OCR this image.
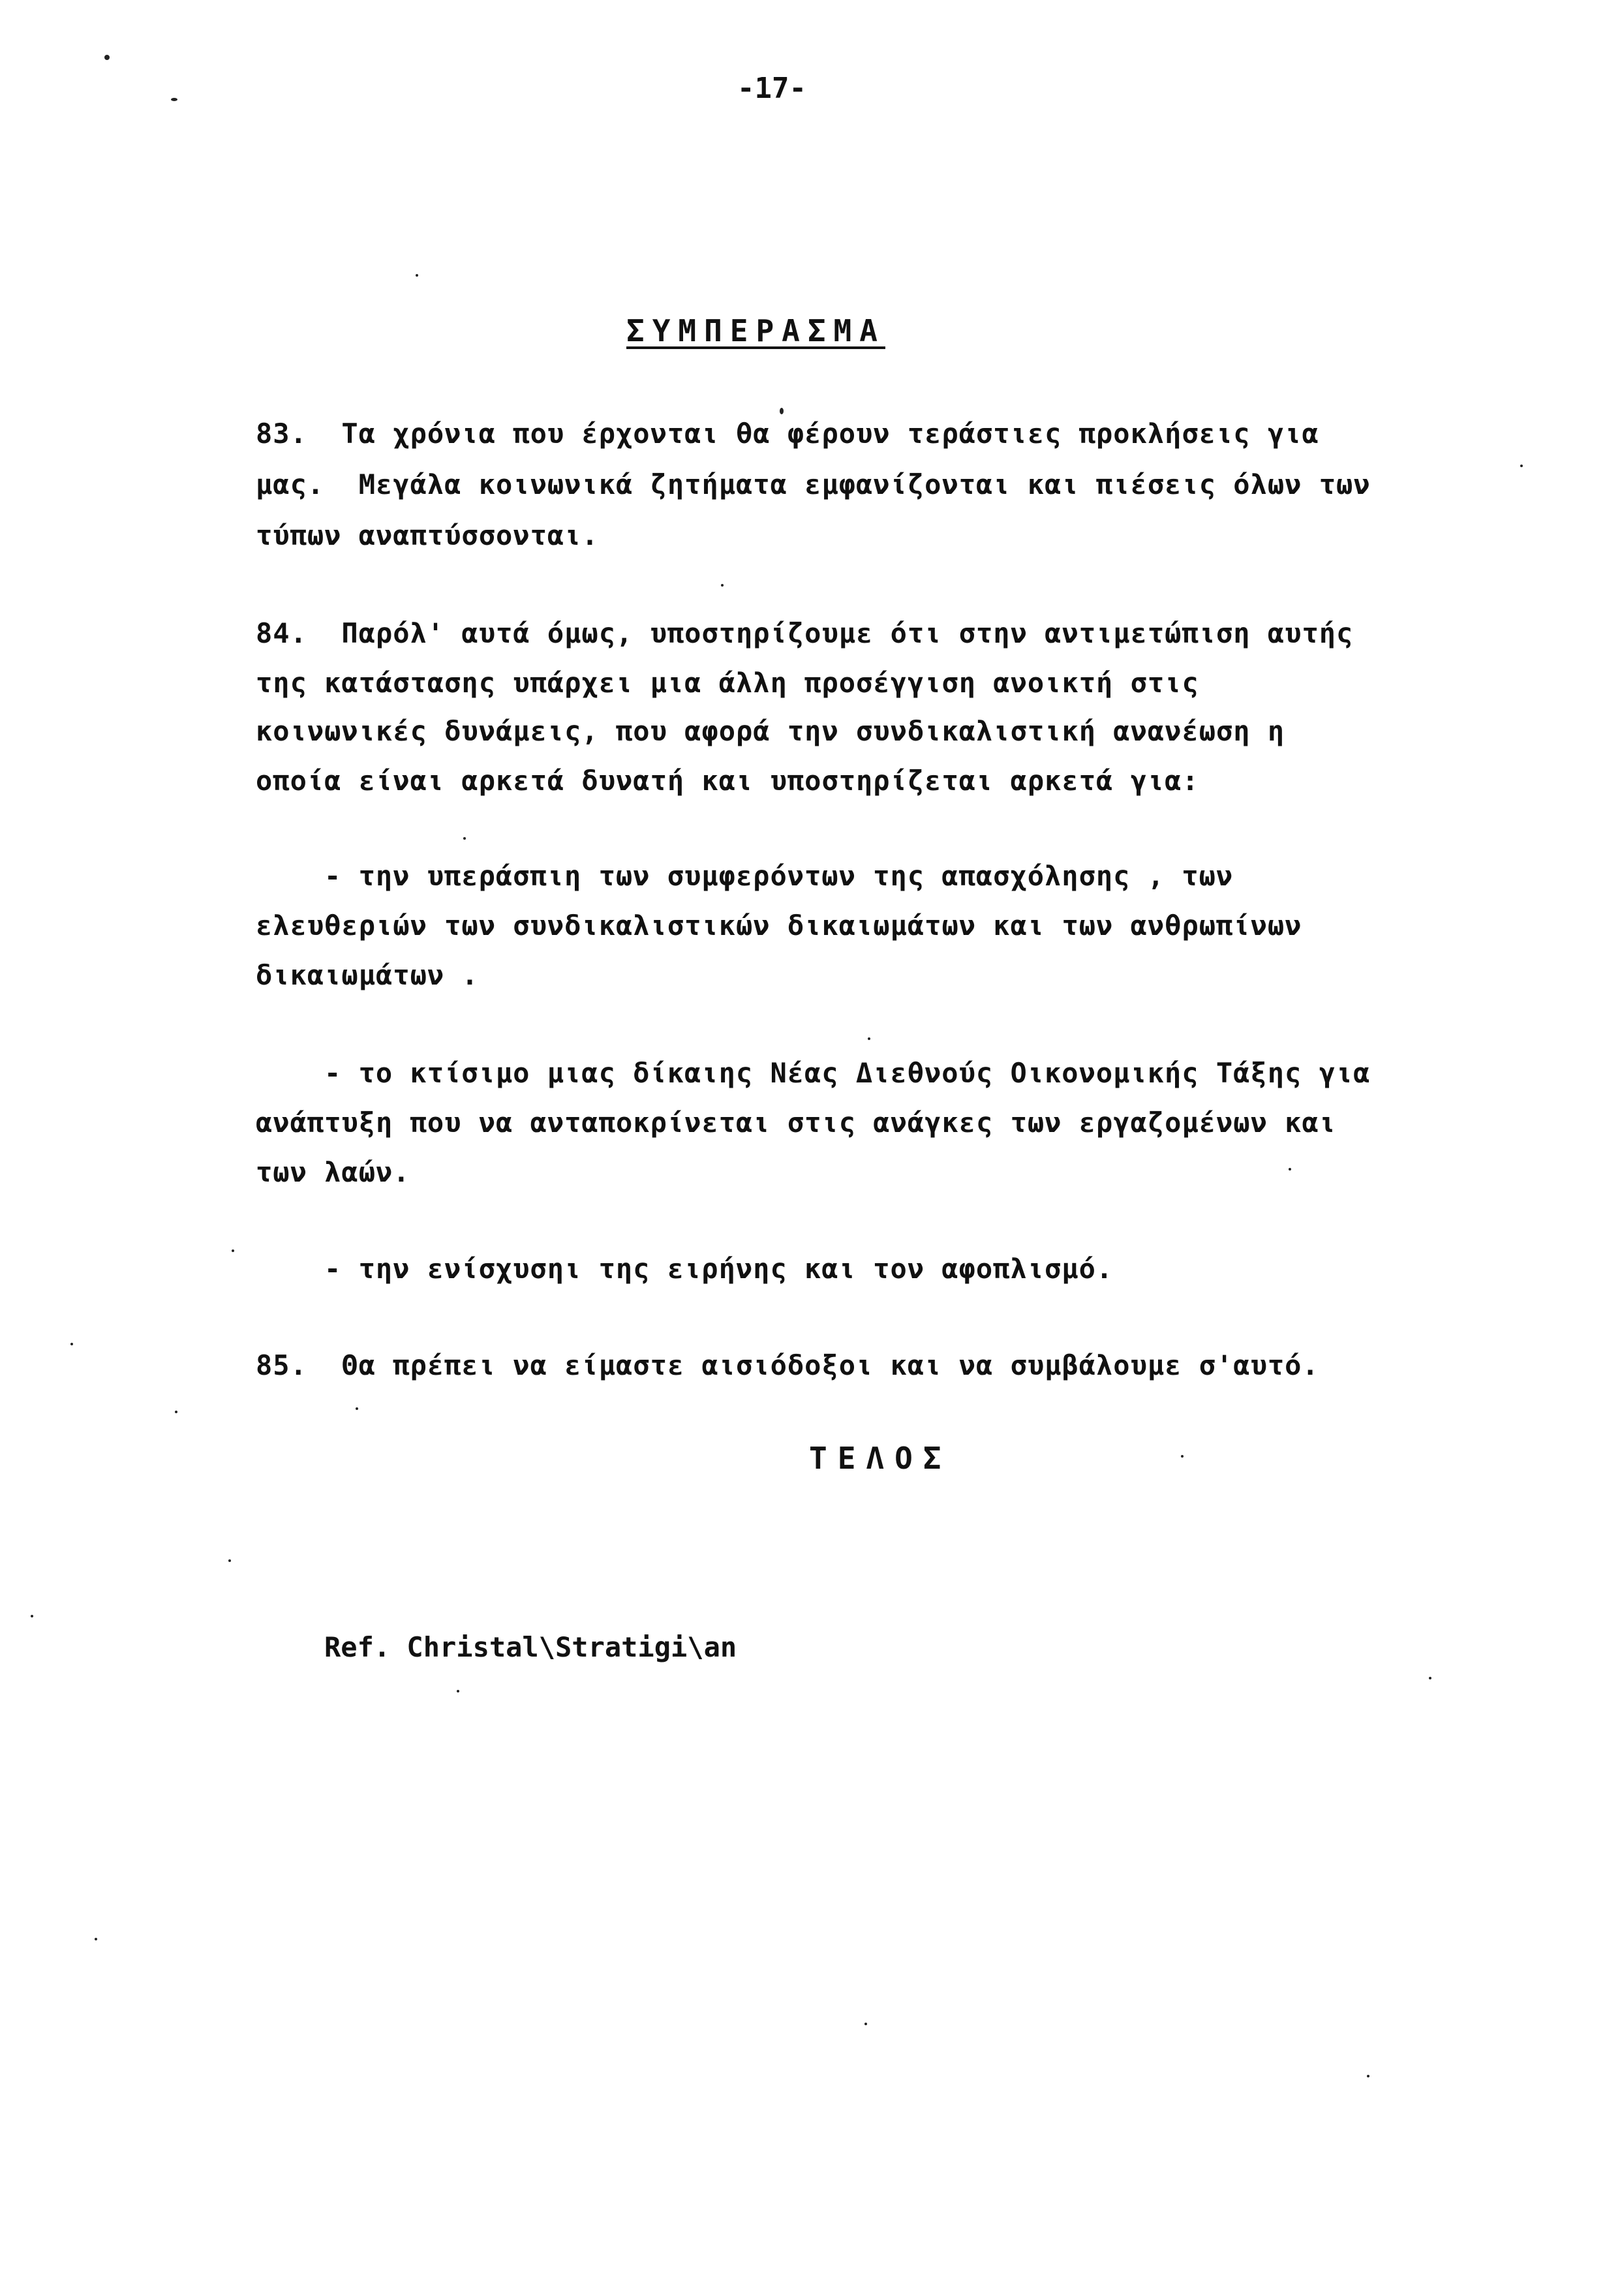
-17-
ΣΥΜΠΕΡΑΣΜΑ
83.  Τα χρόνια που έρχονται θα φέρουν τεράστιες προκλήσεις για
μας.  Μεγάλα κοινωνικά ζητήματα εμφανίζονται και πιέσεις όλων των
τύπων αναπτύσσονται.
84.  Παρόλ' αυτά όμως, υποστηρίζουμε ότι στην αντιμετώπιση αυτής
της κατάστασης υπάρχει μια άλλη προσέγγιση ανοικτή στις
κοινωνικές δυνάμεις, που αφορά την συνδικαλιστική ανανέωση η
οποία είναι αρκετά δυνατή και υποστηρίζεται αρκετά για:
- την υπεράσπιη των συμφερόντων της απασχόλησης , των
ελευθεριών των συνδικαλιστικών δικαιωμάτων και των ανθρωπίνων
δικαιωμάτων .
- το κτίσιμο μιας δίκαιης Νέας Διεθνούς Οικονομικής Τάξης για
ανάπτυξη που να ανταποκρίνεται στις ανάγκες των εργαζομένων και
των λαών.
- την ενίσχυσηι της ειρήνης και τον αφοπλισμό.
85.  Θα πρέπει να είμαστε αισιόδοξοι και να συμβάλουμε σ'αυτό.
ΤΕΛΟΣ
Ref. Christal\Stratigi\an
